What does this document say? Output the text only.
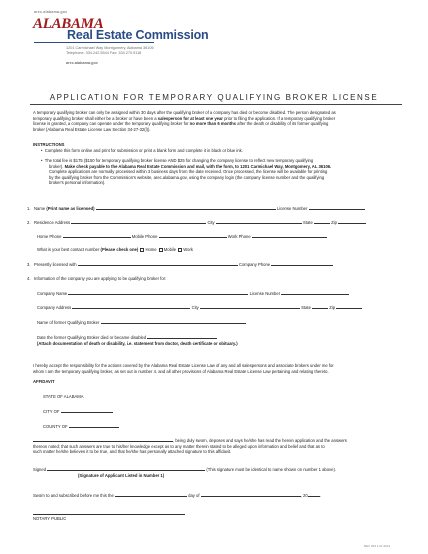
arec.alabama.gov
ALABAMA
Real Estate Commission
1201 Carmichael Way Montgomery, Alabama 36106
Telephone: 334.242.5544 Fax: 334.270.9118
arec.alabama.gov
APPLICATION FOR TEMPORARY QUALIFYING BROKER LICENSE
A temporary qualifying broker can only be assigned within 30 days after the qualifying broker of a company has died or become disabled. The person designated as
temporary qualifying broker shall either be a broker or have been a salesperson for at least one year prior to filing the application. If a temporary qualifying broker
license is granted, a company can operate under the temporary qualifying broker for no more than 6 months after the death or disability of its former qualifying
broker (Alabama Real Estate License Law Section 34-27-32(l)).
INSTRUCTIONS
•  Complete this form online and print for submission or print a blank form and complete it in black or blue ink.
•  The total fee is $175 ($150 for temporary qualifying broker license AND $25 for changing the company license to reflect new temporary qualifying
broker). Make check payable to the Alabama Real Estate Commission and mail, with the form, to 1201 Carmichael Way, Montgomery, AL 36106.
Complete applications are normally processed within 3 business days from the date received. Once processed, the license will be available for printing
by the qualifying broker from the Commission's website, arec.alabama.gov, using the company login (the company license number and the qualifying
broker's personal information).
1. Name (Print name as licensed)	License Number
2. Residence Address	City	State	Zip
Home Phone	Mobile Phone	Work Phone
What is your best contact number (Please check one) Home Mobile Work
3. Presently licensed with	Company Phone
4. Information of the company you are applying to be qualifying broker for:
Company Name	License Number
Company Address	City	State	Zip
Name of former Qualifying Broker
Date the former Qualifying Broker died or became disabled
(Attach documentation of death or disability, i.e. statement from doctor, death certificate or obituary.)
I hereby accept the responsibility for the actions covered by the Alabama Real Estate License Law of any and all salespersons and associate brokers under me for
whom I am the temporary qualifying broker, as set out in number 4. and all other provisions of Alabama Real Estate License Law pertaining and relating thereto.
AFFIDAVIT
STATE OF ALABAMA
CITY OF
COUNTY OF
, being duly sworn, deposes and says he/she has read the herein application and the answers
thereon noted; that such answers are true to his/her knowledge except as to any matter therein stated to be alleged upon information and belief and that as to
such matter he/she believes it to be true, and that he/she has personally attached signature to this affidavit.
Signed	(This signature must be identical to name shown on number 1 above).
(Signature of Applicant Listed in Number 1)
Sworn to and subscribed before me this the	day of	, 20	.
NOTARY PUBLIC
REV 003 1.01.2013
